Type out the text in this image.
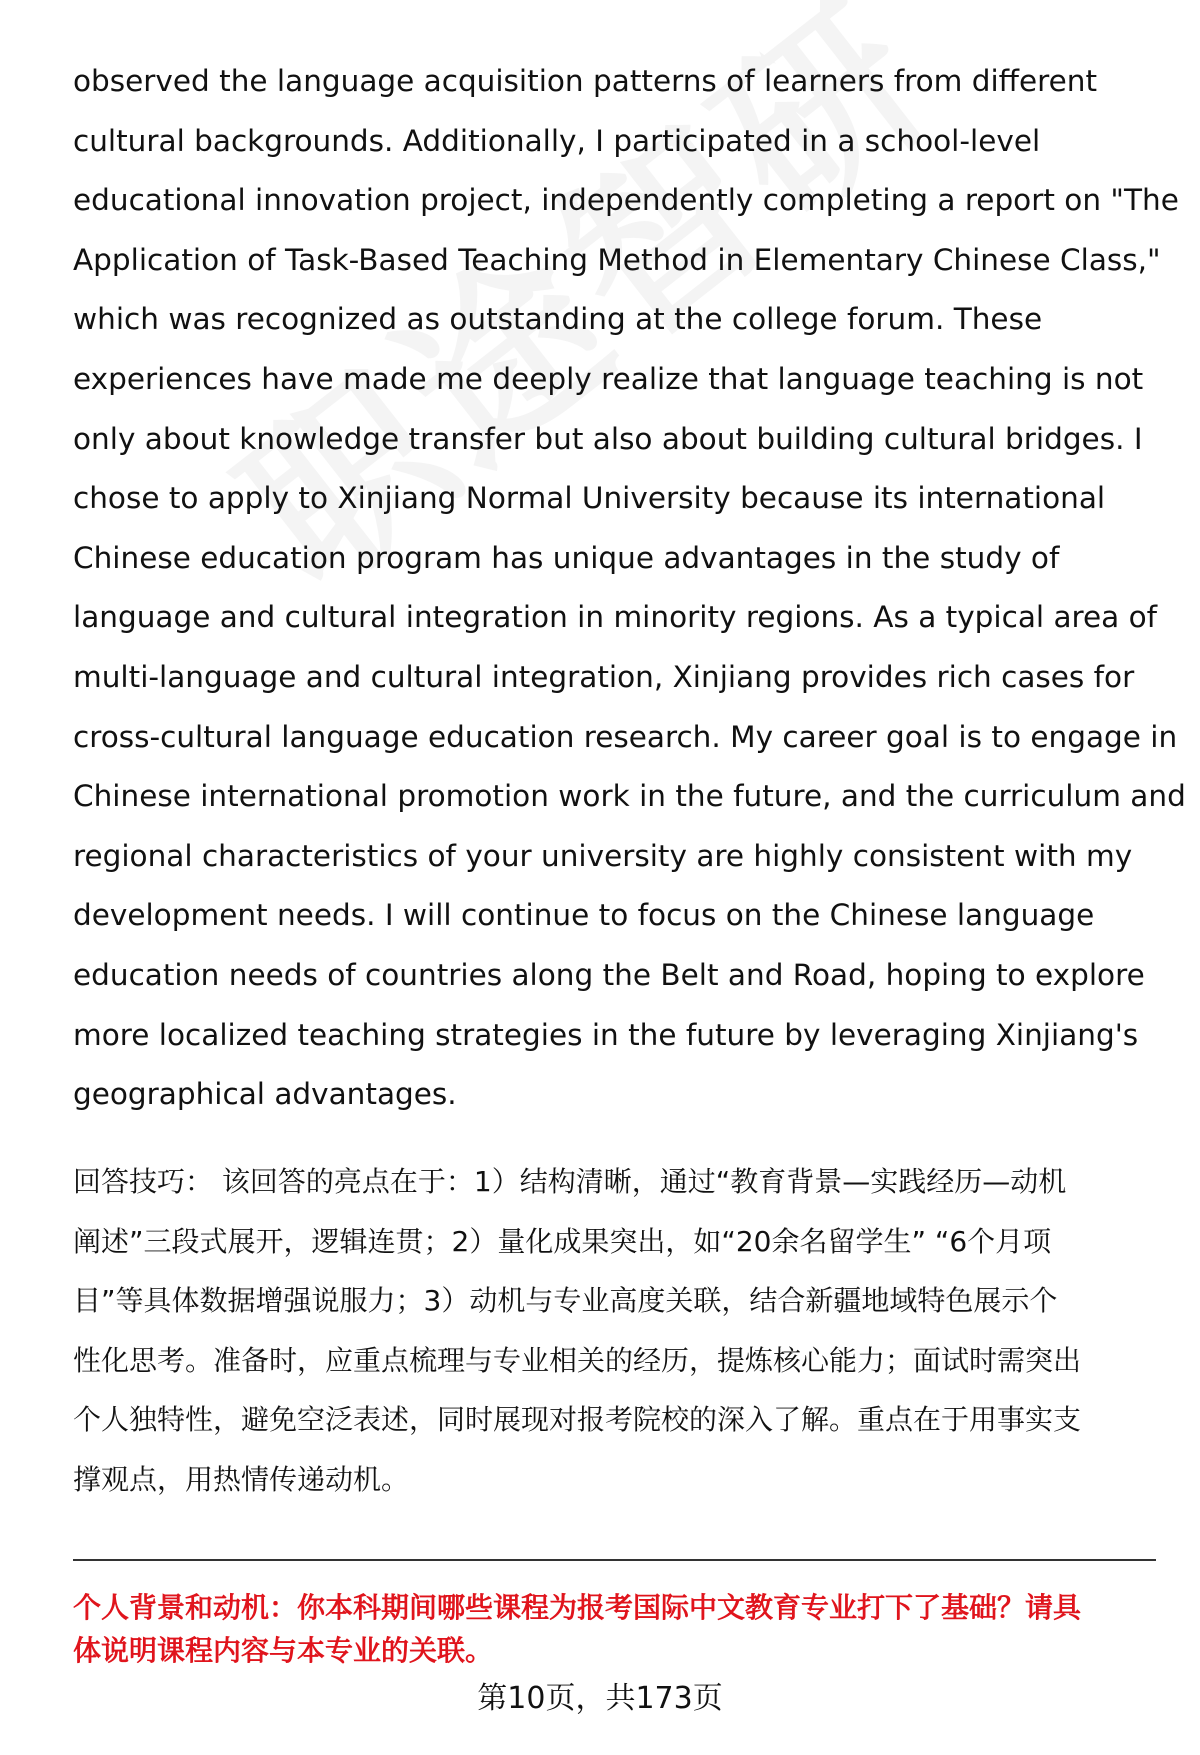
observed the language acquisition patterns of learners from different
cultural backgrounds. Additionally, I participated in a school-level
educational innovation project, independently completing a report on "The
Application of Task-Based Teaching Method in Elementary Chinese Class,"
which was recognized as outstanding at the college forum. These
experiences have made me deeply realize that language teaching is not
only about knowledge transfer but also about building cultural bridges. I
chose to apply to Xinjiang Normal University because its international
Chinese education program has unique advantages in the study of
language and cultural integration in minority regions. As a typical area of
multi-language and cultural integration, Xinjiang provides rich cases for
cross-cultural language education research. My career goal is to engage in
Chinese international promotion work in the future, and the curriculum and
regional characteristics of your university are highly consistent with my
development needs. I will continue to focus on the Chinese language
education needs of countries along the Belt and Road, hoping to explore
more localized teaching strategies in the future by leveraging Xinjiang's
geographical advantages.
回答技巧： 该回答的亮点在于：1）结构清晰，通过“教育背景—实践经历—动机
阐述”三段式展开，逻辑连贯；2）量化成果突出，如“20余名留学生” “6个月项
目”等具体数据增强说服力；3）动机与专业高度关联，结合新疆地域特色展示个
性化思考。准备时，应重点梳理与专业相关的经历，提炼核心能力；面试时需突出
个人独特性，避免空泛表述，同时展现对报考院校的深入了解。重点在于用事实支
撑观点，用热情传递动机。
个人背景和动机：你本科期间哪些课程为报考国际中文教育专业打下了基础？请具
体说明课程内容与本专业的关联。
第10页，共173页
